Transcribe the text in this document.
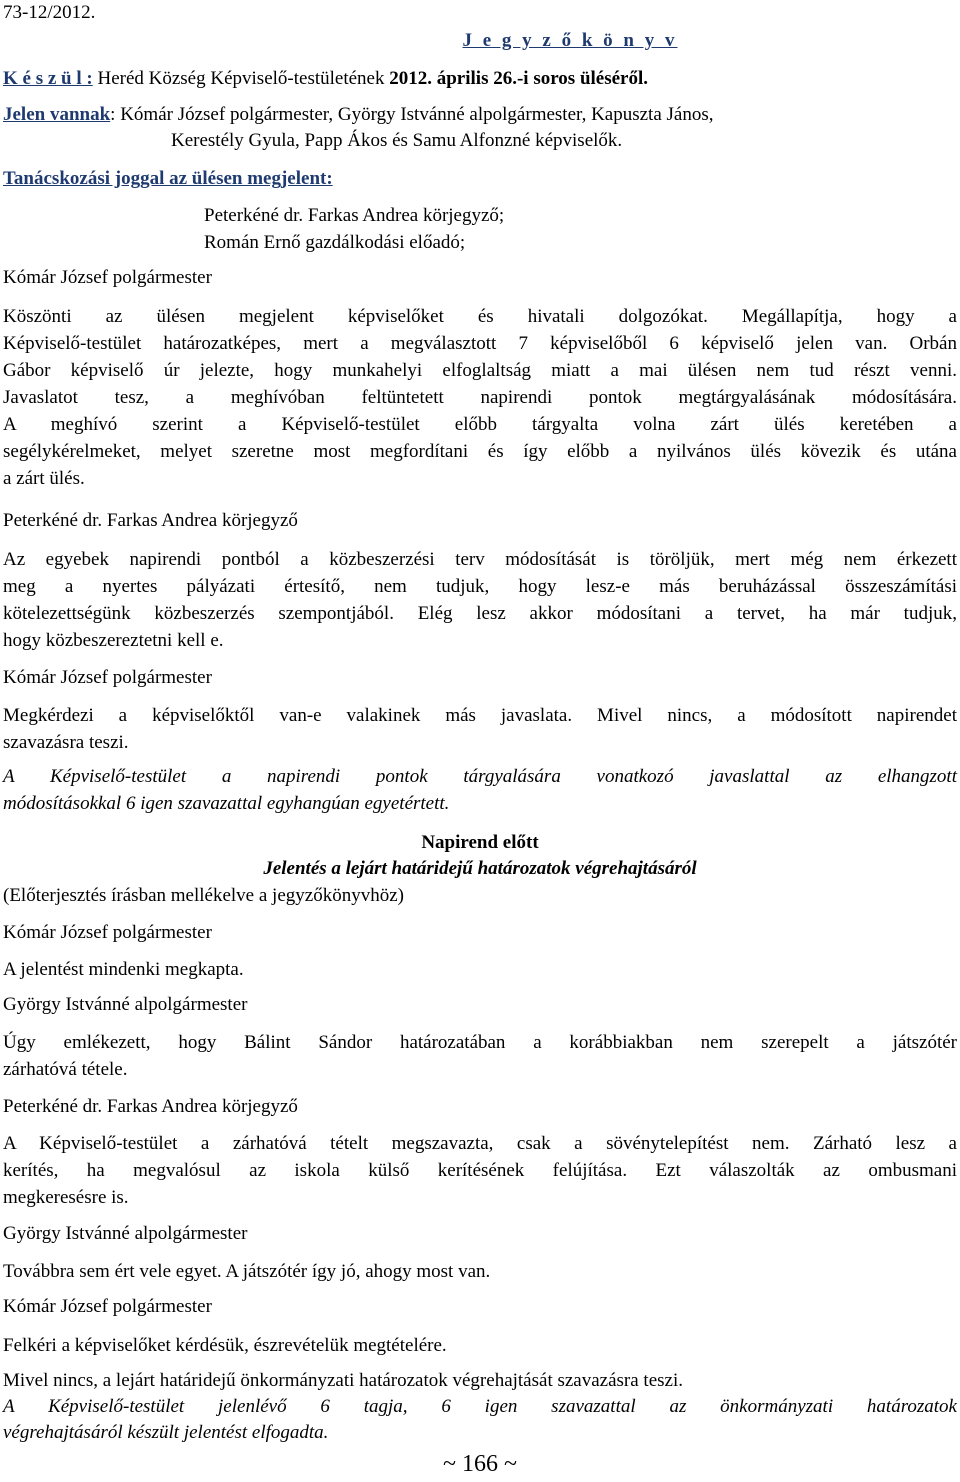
73-12/2012.
J e g y z ő k ö n y v
K é s z ü l : Heréd Község Képviselő-testületének 2012. április 26.-i soros üléséről.
Jelen vannak: Kómár József polgármester, György Istvánné alpolgármester, Kapuszta János,
Kerestély Gyula, Papp Ákos és Samu Alfonzné képviselők.
Tanácskozási joggal az ülésen megjelent:
Peterkéné dr. Farkas Andrea körjegyző;
Román Ernő gazdálkodási előadó;
Kómár József polgármester
Köszönti az ülésen megjelent képviselőket és hivatali dolgozókat. Megállapítja, hogy a
Képviselő-testület határozatképes, mert a megválasztott 7 képviselőből 6 képviselő jelen van. Orbán
Gábor képviselő úr jelezte, hogy munkahelyi elfoglaltság miatt a mai ülésen nem tud részt venni.
Javaslatot tesz, a meghívóban feltüntetett napirendi pontok megtárgyalásának módosítására.
A meghívó szerint a Képviselő-testület előbb tárgyalta volna zárt ülés keretében a
segélykérelmeket, melyet szeretne most megfordítani és így előbb a nyilvános ülés kövezik és utána
a zárt ülés.
Peterkéné dr. Farkas Andrea körjegyző
Az egyebek napirendi pontból a közbeszerzési terv módosítását is töröljük, mert még nem érkezett
meg a nyertes pályázati értesítő, nem tudjuk, hogy lesz-e más beruházással összeszámítási
kötelezettségünk közbeszerzés szempontjából. Elég lesz akkor módosítani a tervet, ha már tudjuk,
hogy közbeszereztetni kell e.
Kómár József polgármester
Megkérdezi a képviselőktől van-e valakinek más javaslata. Mivel nincs, a módosított napirendet
szavazásra teszi.
A Képviselő-testület a napirendi pontok tárgyalására vonatkozó javaslattal az elhangzott
módosításokkal 6 igen szavazattal egyhangúan egyetértett.
Napirend előtt
Jelentés a lejárt határidejű határozatok végrehajtásáról
(Előterjesztés írásban mellékelve a jegyzőkönyvhöz)
Kómár József polgármester
A jelentést mindenki megkapta.
György Istvánné alpolgármester
Úgy emlékezett, hogy Bálint Sándor határozatában a korábbiakban nem szerepelt a játszótér
zárhatóvá tétele.
Peterkéné dr. Farkas Andrea körjegyző
A Képviselő-testület a zárhatóvá tételt megszavazta, csak a sövénytelepítést nem. Zárható lesz a
kerítés, ha megvalósul az iskola külső kerítésének felújítása. Ezt válaszolták az ombusmani
megkeresésre is.
György Istvánné alpolgármester
Továbbra sem ért vele egyet. A játszótér így jó, ahogy most van.
Kómár József polgármester
Felkéri a képviselőket kérdésük, észrevételük megtételére.
Mivel nincs, a lejárt határidejű önkormányzati határozatok végrehajtását szavazásra teszi.
A Képviselő-testület jelenlévő 6 tagja, 6 igen szavazattal az önkormányzati határozatok
végrehajtásáról készült jelentést elfogadta.
~ 166 ~
